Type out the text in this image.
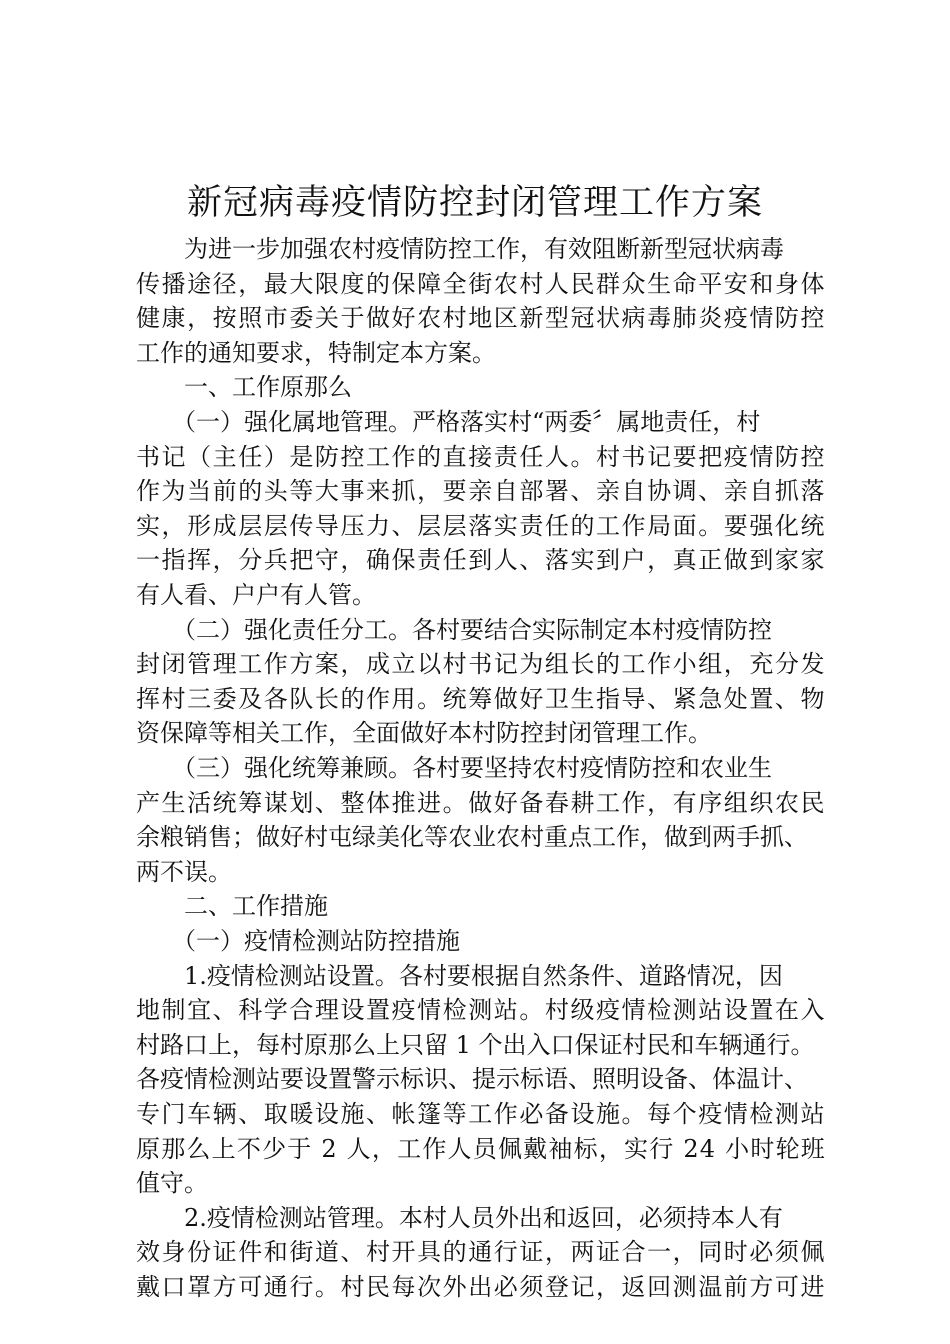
新冠病毒疫情防控封闭管理工作方案

　　为进一步加强农村疫情防控工作，有效阻断新型冠状病毒

传播途径，最大限度的保障全街农村人民群众生命平安和身体

健康，按照市委关于做好农村地区新型冠状病毒肺炎疫情防控

工作的通知要求，特制定本方案。

　　一、工作原那么

　　（一）强化属地管理。严格落实村“两委〞属地责任，村

书记（主任）是防控工作的直接责任人。村书记要把疫情防控

作为当前的头等大事来抓，要亲自部署、亲自协调、亲自抓落

实，形成层层传导压力、层层落实责任的工作局面。要强化统

一指挥，分兵把守，确保责任到人、落实到户，真正做到家家

有人看、户户有人管。

　　（二）强化责任分工。各村要结合实际制定本村疫情防控

封闭管理工作方案，成立以村书记为组长的工作小组，充分发

挥村三委及各队长的作用。统筹做好卫生指导、紧急处置、物

资保障等相关工作，全面做好本村防控封闭管理工作。

　　（三）强化统筹兼顾。各村要坚持农村疫情防控和农业生

产生活统筹谋划、整体推进。做好备春耕工作，有序组织农民

余粮销售；做好村屯绿美化等农业农村重点工作，做到两手抓、

两不误。

　　二、工作措施

　　（一）疫情检测站防控措施

　　1.疫情检测站设置。各村要根据自然条件、道路情况，因

地制宜、科学合理设置疫情检测站。村级疫情检测站设置在入

村路口上，每村原那么上只留 1 个出入口保证村民和车辆通行。

各疫情检测站要设置警示标识、提示标语、照明设备、体温计、

专门车辆、取暖设施、帐篷等工作必备设施。每个疫情检测站

原那么上不少于 2 人，工作人员佩戴袖标，实行 24 小时轮班

值守。

　　2.疫情检测站管理。本村人员外出和返回，必须持本人有

效身份证件和街道、村开具的通行证，两证合一，同时必须佩

戴口罩方可通行。村民每次外出必须登记，返回测温前方可进
